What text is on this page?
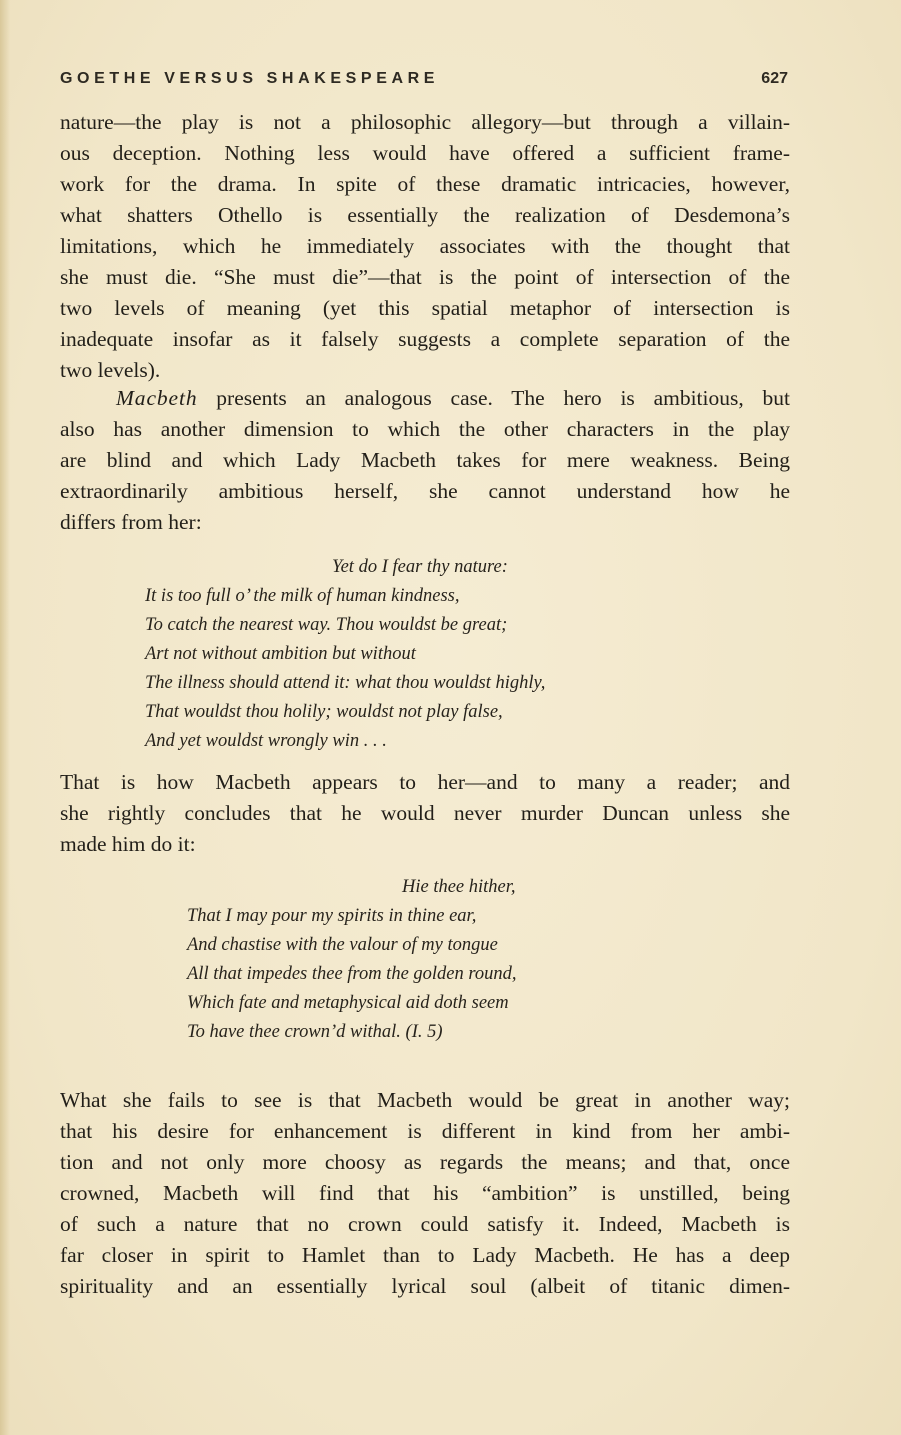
GOETHE VERSUS SHAKESPEARE	627
nature—the play is not a philosophic allegory—but through a villain-
ous deception. Nothing less would have offered a sufficient frame-
work for the drama. In spite of these dramatic intricacies, however,
what shatters Othello is essentially the realization of Desdemona’s
limitations, which he immediately associates with the thought that
she must die. “She must die”—that is the point of intersection of the
two levels of meaning (yet this spatial metaphor of intersection is
inadequate insofar as it falsely suggests a complete separation of the
two levels).
Macbeth presents an analogous case. The hero is ambitious, but
also has another dimension to which the other characters in the play
are blind and which Lady Macbeth takes for mere weakness. Being
extraordinarily ambitious herself, she cannot understand how he
differs from her:
Yet do I fear thy nature:
It is too full o’ the milk of human kindness,
To catch the nearest way. Thou wouldst be great;
Art not without ambition but without
The illness should attend it: what thou wouldst highly,
That wouldst thou holily; wouldst not play false,
And yet wouldst wrongly win . . .
That is how Macbeth appears to her—and to many a reader; and
she rightly concludes that he would never murder Duncan unless she
made him do it:
Hie thee hither,
That I may pour my spirits in thine ear,
And chastise with the valour of my tongue
All that impedes thee from the golden round,
Which fate and metaphysical aid doth seem
To have thee crown’d withal. (I. 5)
What she fails to see is that Macbeth would be great in another way;
that his desire for enhancement is different in kind from her ambi-
tion and not only more choosy as regards the means; and that, once
crowned, Macbeth will find that his “ambition” is unstilled, being
of such a nature that no crown could satisfy it. Indeed, Macbeth is
far closer in spirit to Hamlet than to Lady Macbeth. He has a deep
spirituality and an essentially lyrical soul (albeit of titanic dimen-
